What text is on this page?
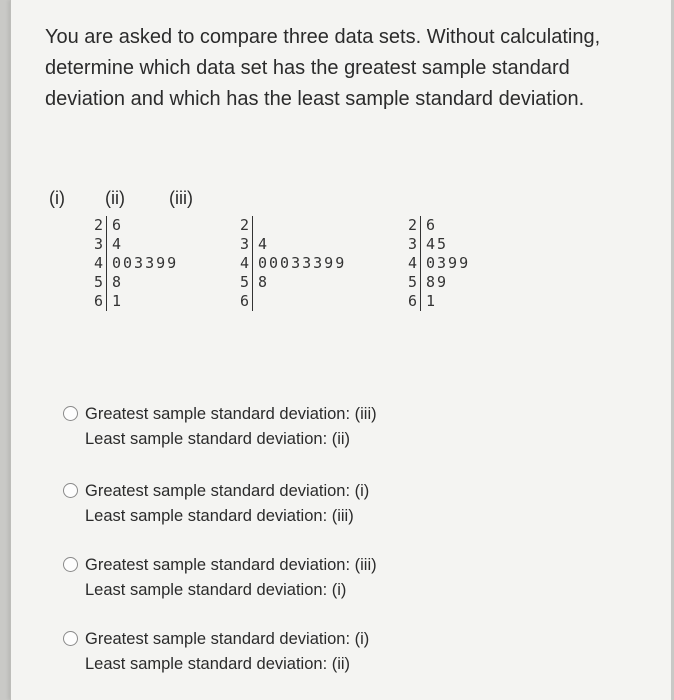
You are asked to compare three data sets. Without calculating, determine which data set has the greatest sample standard deviation and which has the least sample standard deviation.
(i) (ii) (iii)
2 6
3 4
4 003399
5 8
6 1
2
3 4
4 00033399
5 8
6
2 6
3 45
4 0399
5 89
6 1
Greatest sample standard deviation: (iii)
Least sample standard deviation: (ii)
Greatest sample standard deviation: (i)
Least sample standard deviation: (iii)
Greatest sample standard deviation: (iii)
Least sample standard deviation: (i)
Greatest sample standard deviation: (i)
Least sample standard deviation: (ii)
